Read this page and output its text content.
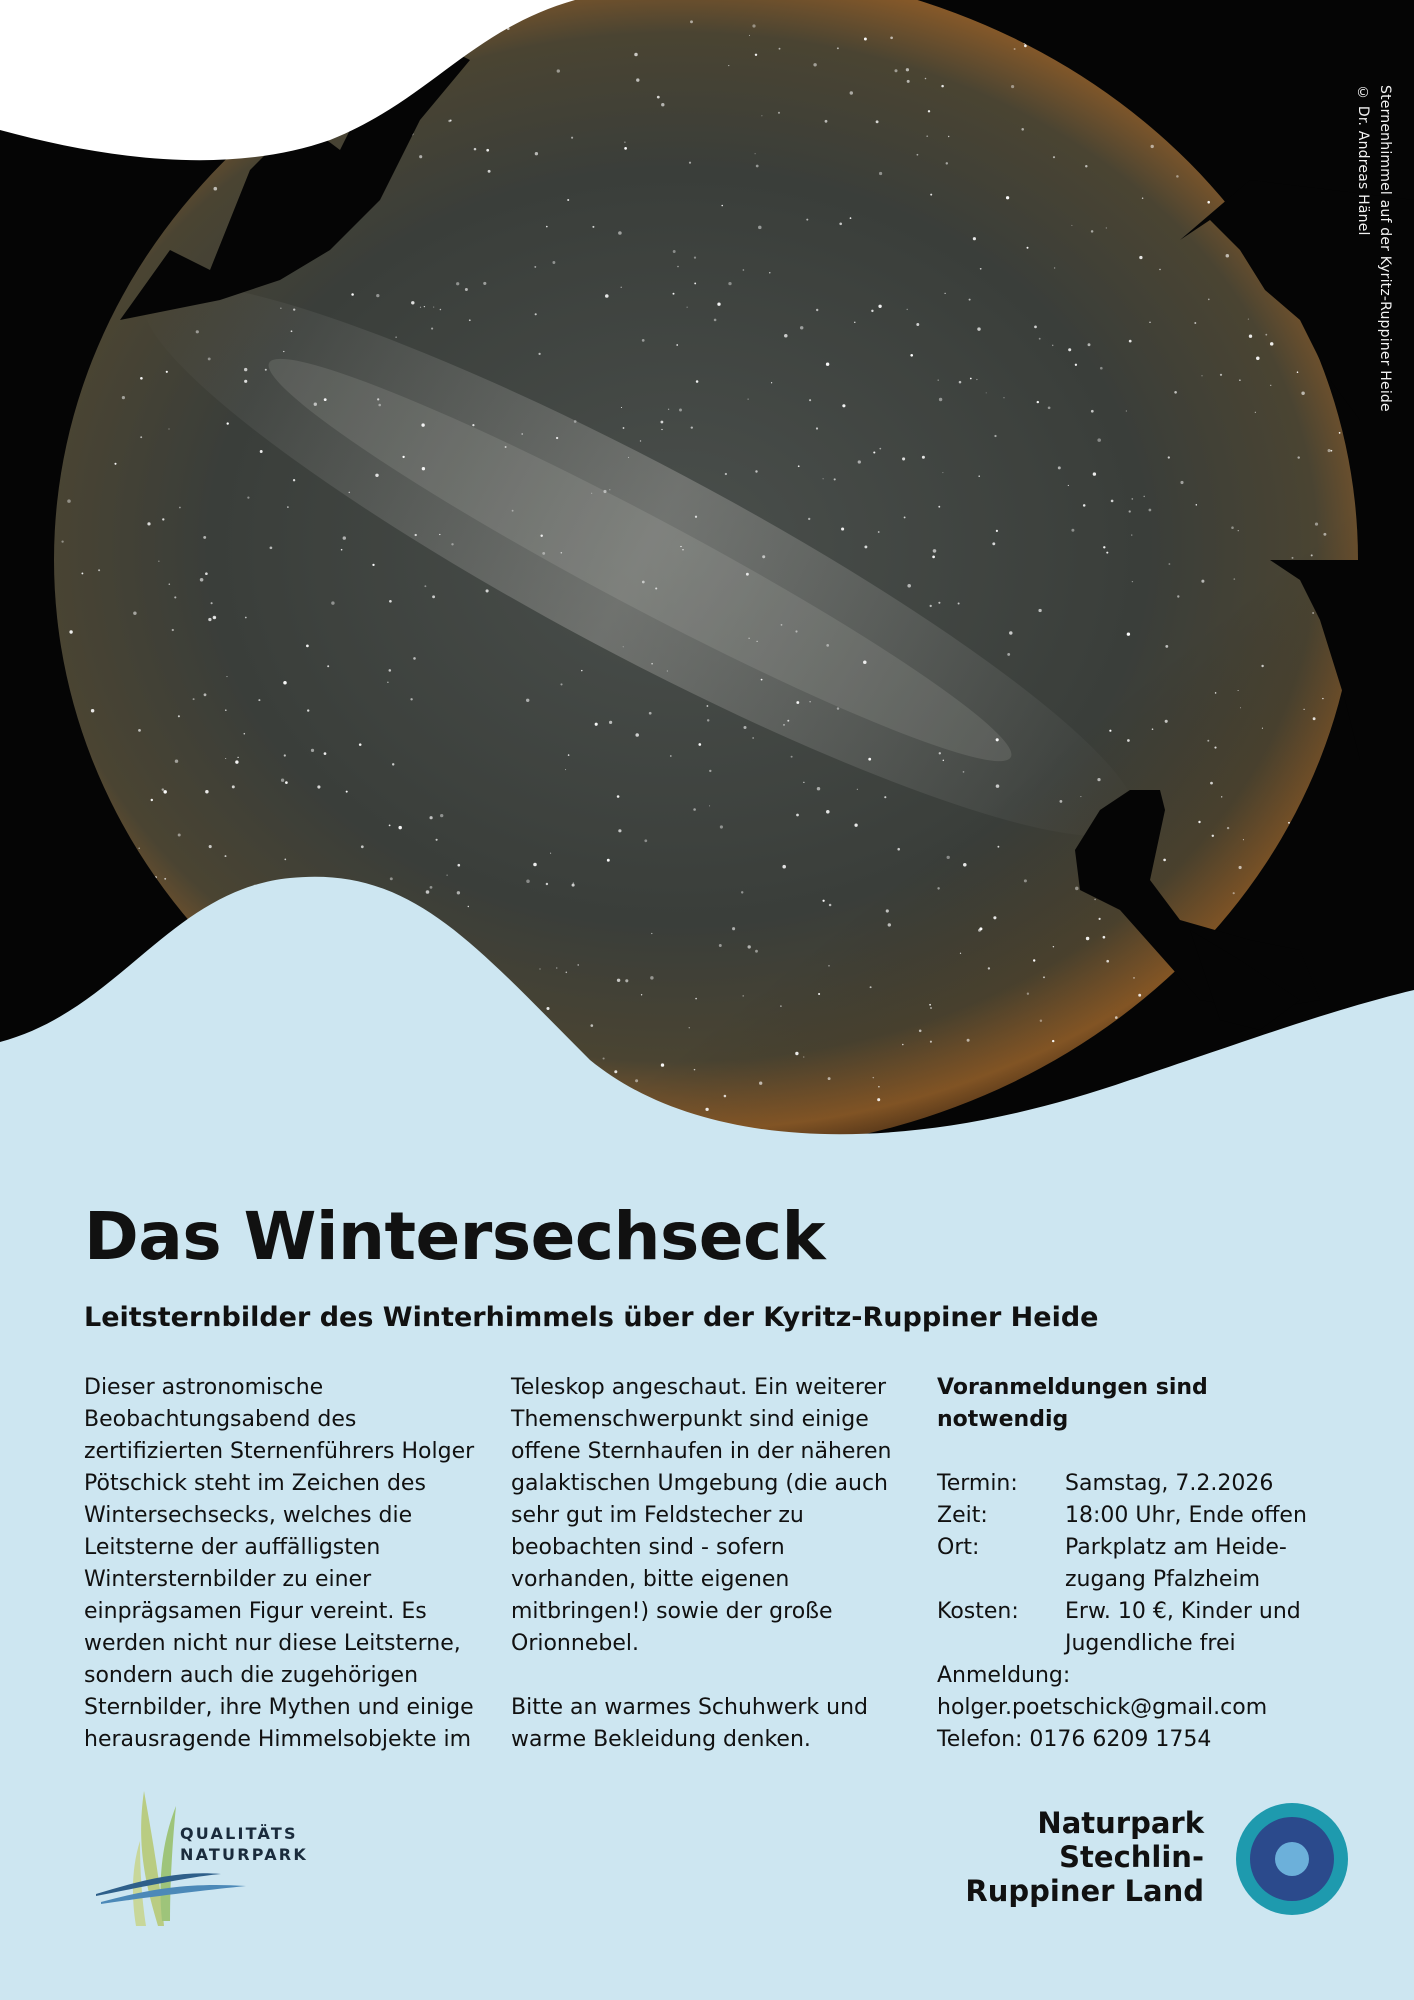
Sternenhimmel auf der Kyritz-Ruppiner Heide
© Dr. Andreas Hänel
Das Wintersechseck
Leitsternbilder des Winterhimmels über der Kyritz-Ruppiner Heide

Dieser astronomische Beobachtungsabend des zertifizierten Sternenführers Holger Pötschick steht im Zeichen des Wintersechsecks, welches die Leitsterne der auffälligsten Wintersternbilder zu einer einprägsamen Figur vereint. Es werden nicht nur diese Leitsterne, sondern auch die zugehörigen Sternbilder, ihre Mythen und einige herausragende Himmelsobjekte im

Teleskop angeschaut. Ein weiterer Themenschwerpunkt sind einige offene Sternhaufen in der näheren galaktischen Umgebung (die auch sehr gut im Feldstecher zu beobachten sind - sofern vorhanden, bitte eigenen mitbringen!) sowie der große Orionnebel.

Bitte an warmes Schuhwerk und warme Bekleidung denken.

Voranmeldungen sind notwendig
Termin:	Samstag, 7.2.2026
Zeit:	18:00 Uhr, Ende offen
Ort:	Parkplatz am Heide-zugang Pfalzheim
Kosten:	Erw. 10 €, Kinder und Jugendliche frei
Anmeldung:
holger.poetschick@gmail.com
Telefon: 0176 6209 1754
QUALITÄTS
NATURPARK
Naturpark
Stechlin-
Ruppiner Land
